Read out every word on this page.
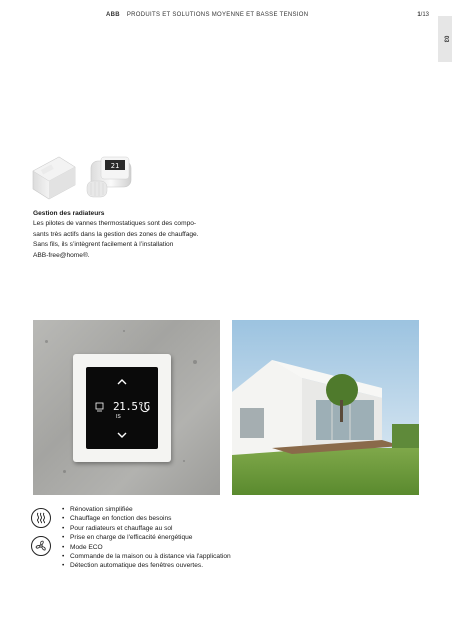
ABB PRODUITS ET SOLUTIONS MOYENNE ET BASSE TENSION	1/13
03
21
Gestion des radiateurs
Les pilotes de vannes thermostatiques sont des compo-
sants très actifs dans la gestion des zones de chauffage.
Sans fils, ils s’intègrent facilement à l’installation
ABB-free@home®.
21.5°C
IS
• Rénovation simplifiée
• Chauffage en fonction des besoins
• Pour radiateurs et chauffage au sol
• Prise en charge de l'efficacité énergétique
• Mode ECO
• Commande de la maison ou à distance via l'application
• Détection automatique des fenêtres ouvertes.
